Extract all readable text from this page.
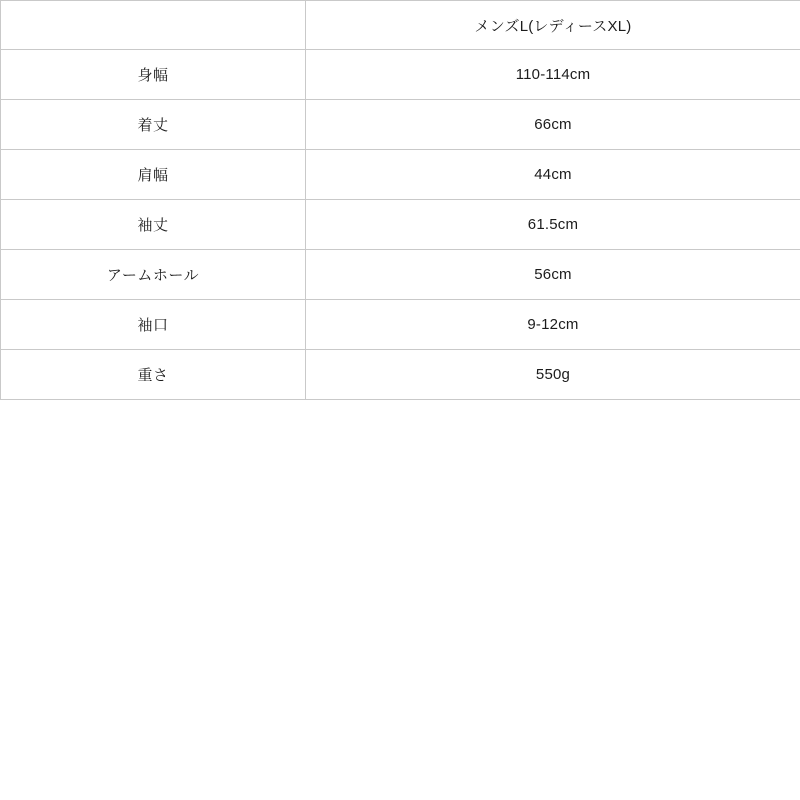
	メンズL(レディースXL)
身幅	110-114cm
着丈	66cm
肩幅	44cm
袖丈	61.5cm
アームホール	56cm
袖口	9-12cm
重さ	550g
